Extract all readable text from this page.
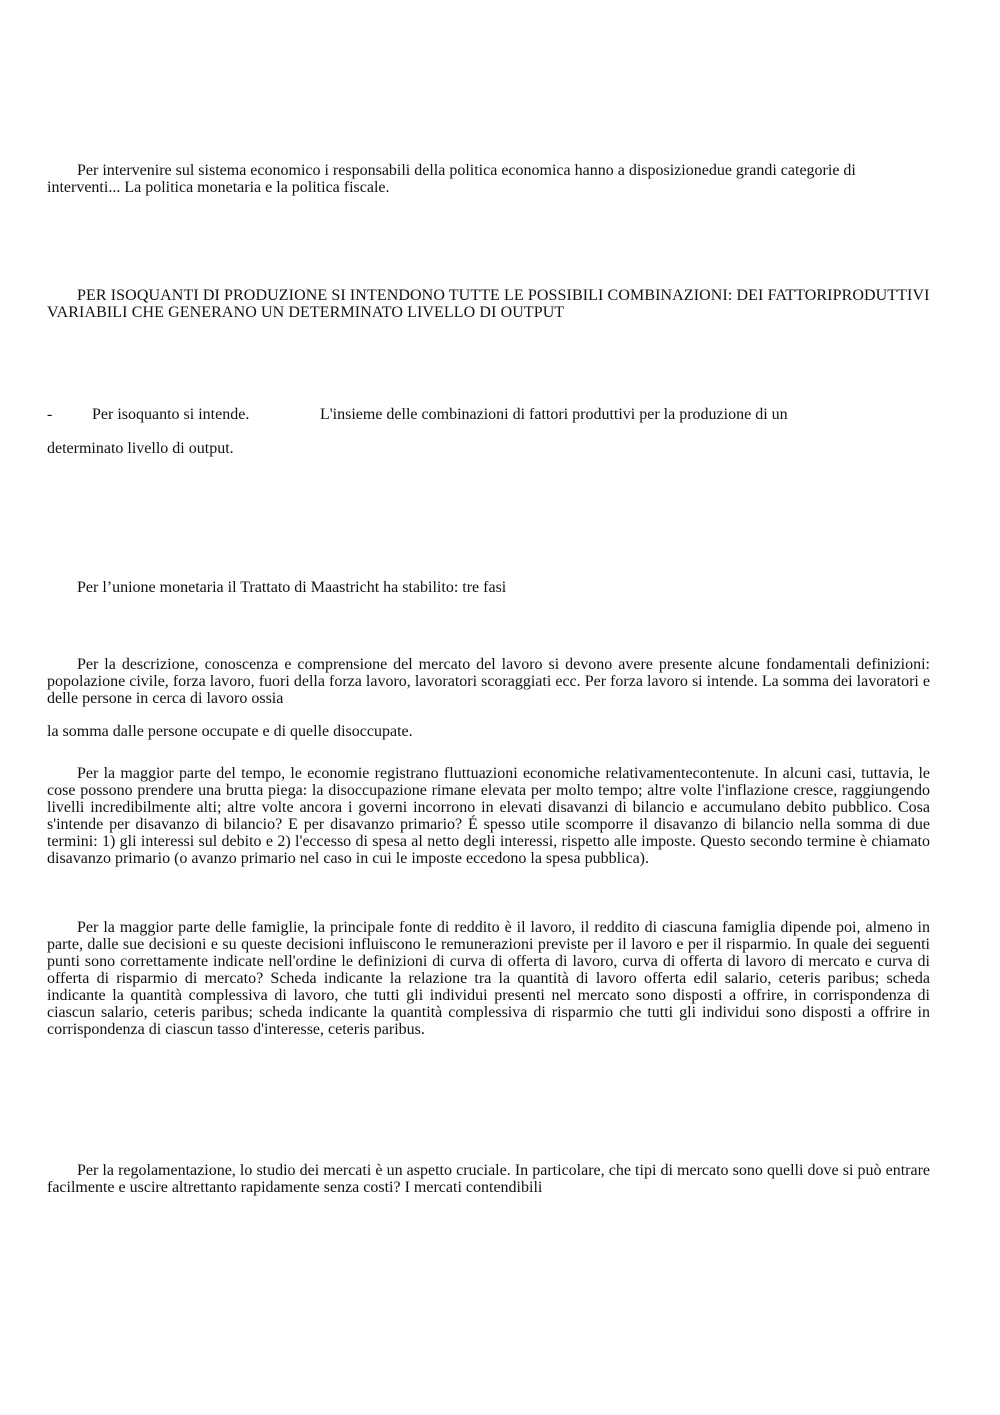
Per intervenire sul sistema economico i responsabili della politica economica hanno a disposizionedue grandi categorie di interventi... La politica monetaria e la politica fiscale.

PER ISOQUANTI DI PRODUZIONE SI INTENDONO TUTTE LE POSSIBILI COMBINAZIONI: DEI FATTORIPRODUTTIVI VARIABILI CHE GENERANO UN DETERMINATO LIVELLO DI OUTPUT

- Per isoquanto si intende.	L'insieme delle combinazioni di fattori produttivi per la produzione di un

determinato livello di output.

Per l’unione monetaria il Trattato di Maastricht ha stabilito: tre fasi

Per la descrizione, conoscenza e comprensione del mercato del lavoro si devono avere presente alcune fondamentali definizioni: popolazione civile, forza lavoro, fuori della forza lavoro, lavoratori scoraggiati ecc. Per forza lavoro si intende. La somma dei lavoratori e delle persone in cerca di lavoro ossia

la somma dalle persone occupate e di quelle disoccupate.

Per la maggior parte del tempo, le economie registrano fluttuazioni economiche relativamentecontenute. In alcuni casi, tuttavia, le cose possono prendere una brutta piega: la disoccupazione rimane elevata per molto tempo; altre volte l'inflazione cresce, raggiungendo livelli incredibilmente alti; altre volte ancora i governi incorrono in elevati disavanzi di bilancio e accumulano debito pubblico. Cosa s'intende per disavanzo di bilancio? E per disavanzo primario? É spesso utile scomporre il disavanzo di bilancio nella somma di due termini: 1) gli interessi sul debito e 2) l'eccesso di spesa al netto degli interessi, rispetto alle imposte. Questo secondo termine è chiamato disavanzo primario (o avanzo primario nel caso in cui le imposte eccedono la spesa pubblica).

Per la maggior parte delle famiglie, la principale fonte di reddito è il lavoro, il reddito di ciascuna famiglia dipende poi, almeno in parte, dalle sue decisioni e su queste decisioni influiscono le remunerazioni previste per il lavoro e per il risparmio. In quale dei seguenti punti sono correttamente indicate nell'ordine le definizioni di curva di offerta di lavoro, curva di offerta di lavoro di mercato e curva di offerta di risparmio di mercato? Scheda indicante la relazione tra la quantità di lavoro offerta edil salario, ceteris paribus; scheda indicante la quantità complessiva di lavoro, che tutti gli individui presenti nel mercato sono disposti a offrire, in corrispondenza di ciascun salario, ceteris paribus; scheda indicante la quantità complessiva di risparmio che tutti gli individui sono disposti a offrire in corrispondenza di ciascun tasso d'interesse, ceteris paribus.

Per la regolamentazione, lo studio dei mercati è un aspetto cruciale. In particolare, che tipi di mercato sono quelli dove si può entrare facilmente e uscire altrettanto rapidamente senza costi? I mercati contendibili
